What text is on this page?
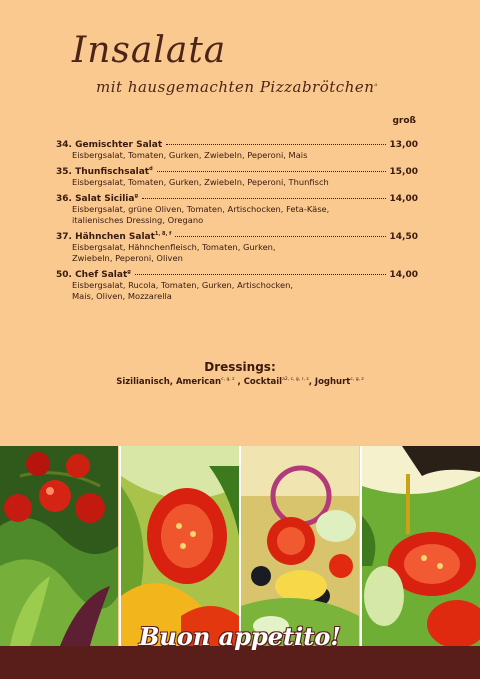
Insalata
mit hausgemachten Pizzabrötchen$^a$
groß
34. Gemischter Salat	13,00
Eisbergsalat, Tomaten, Gurken, Zwiebeln, Peperoni, Mais
35. Thunfischsalat$^d$	15,00
Eisbergsalat, Tomaten, Gurken, Zwiebeln, Peperoni, Thunfisch
36. Salat Sicilia$^g$	14,00
Eisbergsalat, grüne Oliven, Tomaten, Artischocken, Feta-Käse,
italienisches Dressing, Oregano
37. Hähnchen Salat$^{1, 8, f}$	14,50
Eisbergsalat, Hähnchenfleisch, Tomaten, Gurken,
Zwiebeln, Peperoni, Oliven
50. Chef Salat$^g$	14,00
Eisbergsalat, Rucola, Tomaten, Gurken, Artischocken,
Mais, Oliven, Mozzarella
Dressings:
Sizilianisch, American$^{c, g, z}$ , Cocktail$^{a2, c, g, r, z}$, Joghurt$^{c, g, z}$
Buon appetito!
